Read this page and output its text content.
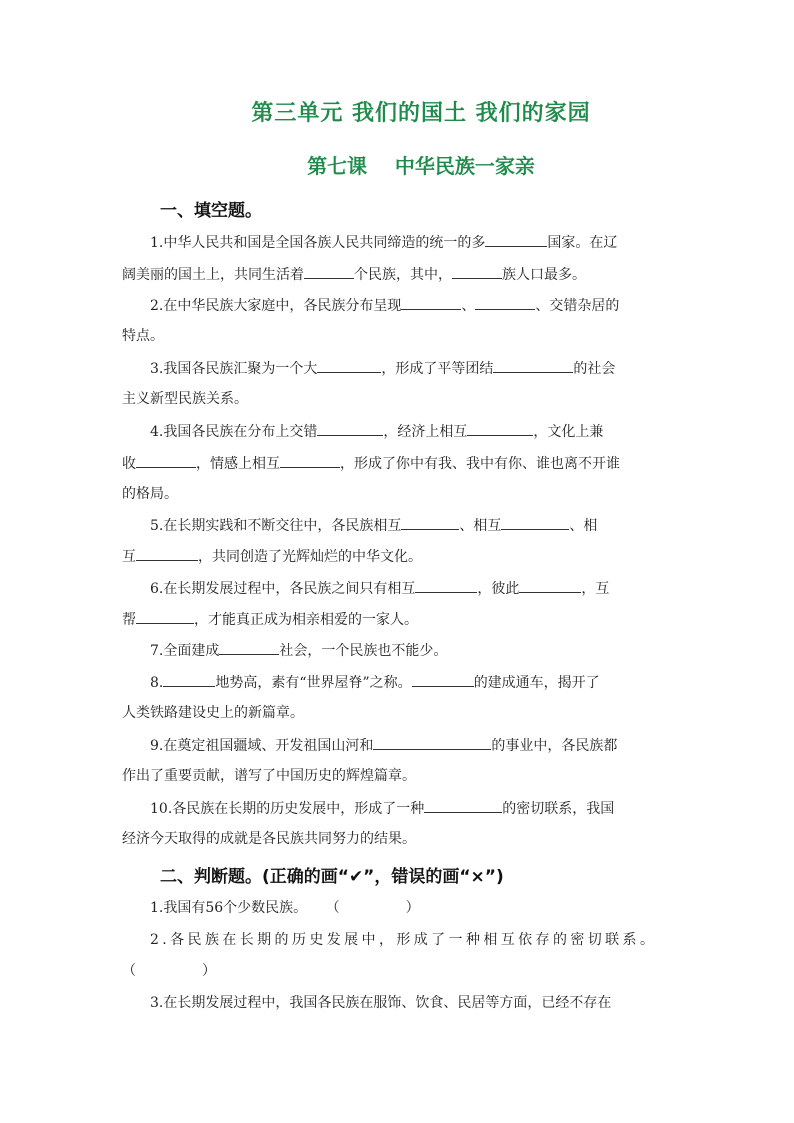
第三单元 我们的国土 我们的家园
第七课    中华民族一家亲
一、填空题。
1.中华人民共和国是全国各族人民共同缔造的统一的多	国家。在辽
阔美丽的国土上，共同生活着	个民族，其中，	族人口最多。
2.在中华民族大家庭中，各民族分布呈现	、	、交错杂居的
特点。
3.我国各民族汇聚为一个大	，形成了平等团结	的社会
主义新型民族关系。
4.我国各民族在分布上交错	，经济上相互	，文化上兼
收	，情感上相互	，形成了你中有我、我中有你、谁也离不开谁
的格局。
5.在长期实践和不断交往中，各民族相互	、相互	、相
互	，共同创造了光辉灿烂的中华文化。
6.在长期发展过程中，各民族之间只有相互	，彼此	，互
帮	，才能真正成为相亲相爱的一家人。
7.全面建成	社会，一个民族也不能少。
8.	地势高，素有“世界屋脊”之称。	的建成通车，揭开了
人类铁路建设史上的新篇章。
9.在奠定祖国疆域、开发祖国山河和	的事业中，各民族都
作出了重要贡献，谱写了中国历史的辉煌篇章。
10.各民族在长期的历史发展中，形成了一种	的密切联系，我国
经济今天取得的成就是各民族共同努力的结果。
二、判断题。(正确的画“✔”，错误的画“×”)
1.我国有56个少数民族。 （	）
2.各民族在长期的历史发展中，形成了一种相互依存的密切联系。
（	）
3.在长期发展过程中，我国各民族在服饰、饮食、民居等方面，已经不存在
